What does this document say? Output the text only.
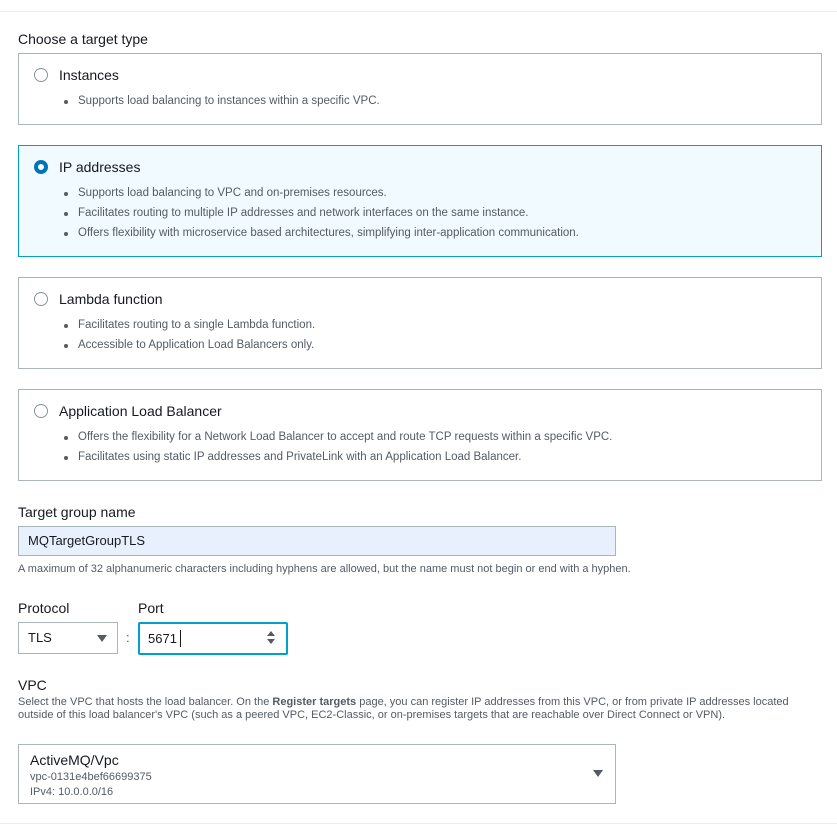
Choose a target type
Instances
Supports load balancing to instances within a specific VPC.
IP addresses
Supports load balancing to VPC and on-premises resources.
Facilitates routing to multiple IP addresses and network interfaces on the same instance.
Offers flexibility with microservice based architectures, simplifying inter-application communication.
Lambda function
Facilitates routing to a single Lambda function.
Accessible to Application Load Balancers only.
Application Load Balancer
Offers the flexibility for a Network Load Balancer to accept and route TCP requests within a specific VPC.
Facilitates using static IP addresses and PrivateLink with an Application Load Balancer.
Target group name
MQTargetGroupTLS
A maximum of 32 alphanumeric characters including hyphens are allowed, but the name must not begin or end with a hyphen.
Protocol	Port
TLS	: 5671
VPC
Select the VPC that hosts the load balancer. On the Register targets page, you can register IP addresses from this VPC, or from private IP addresses located outside of this load balancer's VPC (such as a peered VPC, EC2-Classic, or on-premises targets that are reachable over Direct Connect or VPN).
ActiveMQ/Vpc
vpc-0131e4bef66699375
IPv4: 10.0.0.0/16
